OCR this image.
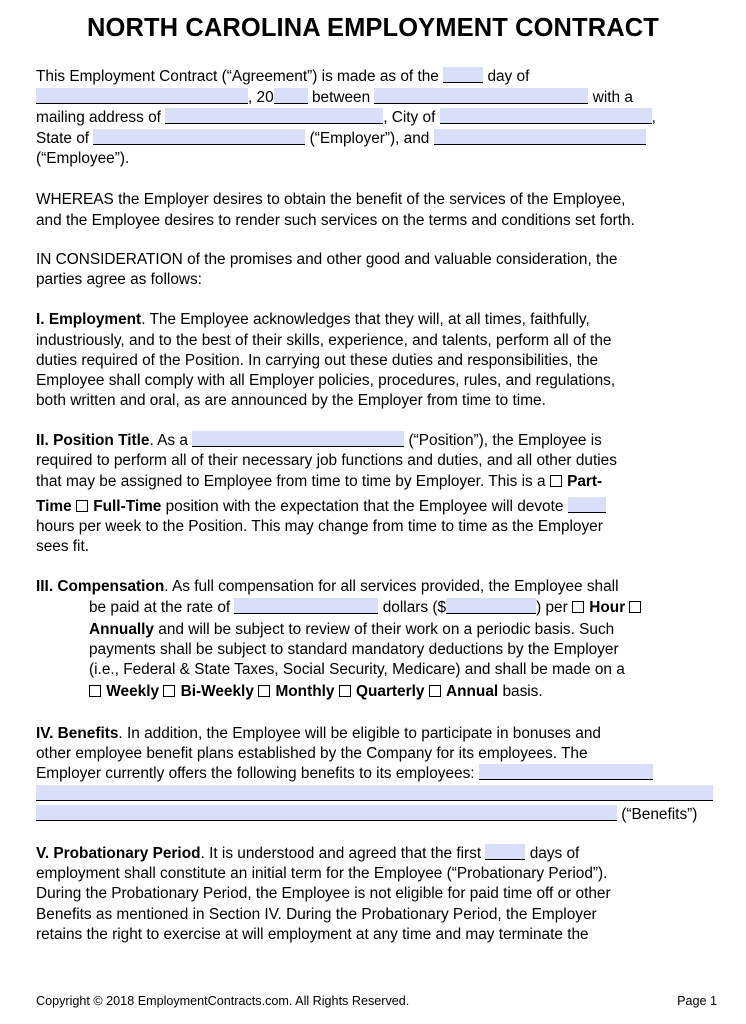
NORTH CAROLINA EMPLOYMENT CONTRACT
This Employment Contract (“Agreement”) is made as of the	day of
, 20 between	with a
mailing address of	, City of	,
State of	(“Employer”), and
(“Employee”).
WHEREAS the Employer desires to obtain the benefit of the services of the Employee,
and the Employee desires to render such services on the terms and conditions set forth.
IN CONSIDERATION of the promises and other good and valuable consideration, the
parties agree as follows:
I. Employment. The Employee acknowledges that they will, at all times, faithfully,
industriously, and to the best of their skills, experience, and talents, perform all of the
duties required of the Position. In carrying out these duties and responsibilities, the
Employee shall comply with all Employer policies, procedures, rules, and regulations,
both written and oral, as are announced by the Employer from time to time.
II. Position Title. As a	(“Position”), the Employee is
required to perform all of their necessary job functions and duties, and all other duties
that may be assigned to Employee from time to time by Employer. This is a Part-
Time Full-Time position with the expectation that the Employee will devote
hours per week to the Position. This may change from time to time as the Employer
sees fit.
III. Compensation. As full compensation for all services provided, the Employee shall
be paid at the rate of	dollars ($	) per Hour
Annually and will be subject to review of their work on a periodic basis. Such
payments shall be subject to standard mandatory deductions by the Employer
(i.e., Federal & State Taxes, Social Security, Medicare) and shall be made on a
Weekly Bi-Weekly Monthly Quarterly Annual basis.
IV. Benefits. In addition, the Employee will be eligible to participate in bonuses and
other employee benefit plans established by the Company for its employees. The
Employer currently offers the following benefits to its employees:
(“Benefits”)
V. Probationary Period. It is understood and agreed that the first	days of
employment shall constitute an initial term for the Employee (“Probationary Period”).
During the Probationary Period, the Employee is not eligible for paid time off or other
Benefits as mentioned in Section IV. During the Probationary Period, the Employer
retains the right to exercise at will employment at any time and may terminate the
Copyright © 2018 EmploymentContracts.com. All Rights Reserved.	Page 1
